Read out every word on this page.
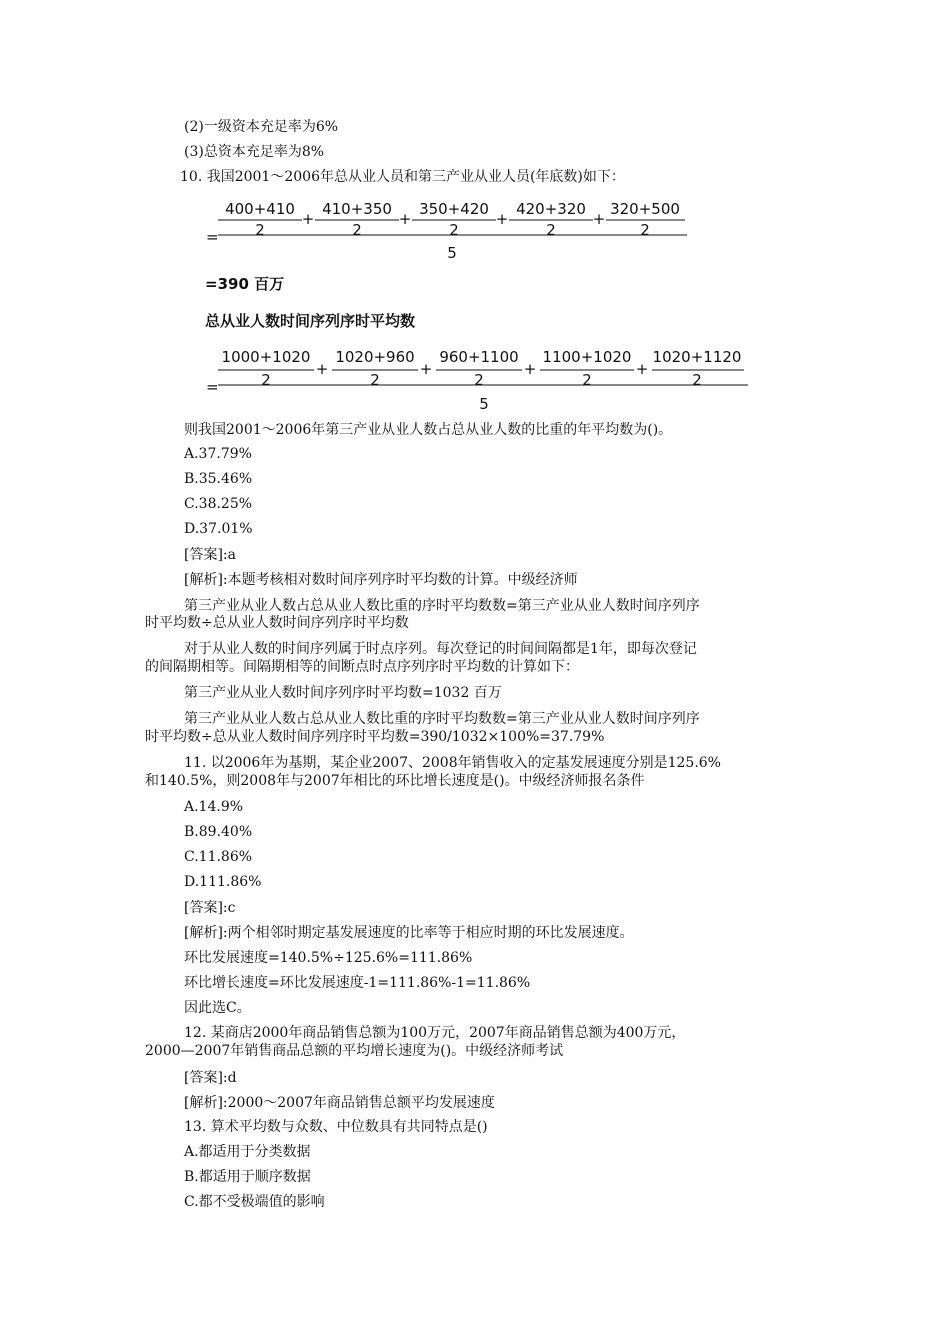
(2)一级资本充足率为6%
(3)总资本充足率为8%
10. 我国2001～2006年总从业人员和第三产业从业人员(年底数)如下：
=
400+410
2
+
410+350
2
+
350+420
2
+
420+320
2
+
320+500
2
5
=390 百万
总从业人数时间序列序时平均数
=
1000+1020
2
+
1020+960
2
+
960+1100
2
+
1100+1020
2
+
1020+1120
2
5
则我国2001～2006年第三产业从业人数占总从业人数的比重的年平均数为()。
A.37.79%
B.35.46%
C.38.25%
D.37.01%
[答案]:a
[解析]:本题考核相对数时间序列序时平均数的计算。中级经济师
第三产业从业人数占总从业人数比重的序时平均数数=第三产业从业人数时间序列序
时平均数÷总从业人数时间序列序时平均数
对于从业人数的时间序列属于时点序列。每次登记的时间间隔都是1年，即每次登记
的间隔期相等。间隔期相等的间断点时点序列序时平均数的计算如下：
第三产业从业人数时间序列序时平均数=1032 百万
第三产业从业人数占总从业人数比重的序时平均数数=第三产业从业人数时间序列序
时平均数÷总从业人数时间序列序时平均数=390/1032×100%=37.79%
11. 以2006年为基期，某企业2007、2008年销售收入的定基发展速度分别是125.6%
和140.5%，则2008年与2007年相比的环比增长速度是()。中级经济师报名条件
A.14.9%
B.89.40%
C.11.86%
D.111.86%
[答案]:c
[解析]:两个相邻时期定基发展速度的比率等于相应时期的环比发展速度。
环比发展速度=140.5%÷125.6%=111.86%
环比增长速度=环比发展速度-1=111.86%-1=11.86%
因此选C。
12. 某商店2000年商品销售总额为100万元，2007年商品销售总额为400万元，
2000—2007年销售商品总额的平均增长速度为()。中级经济师考试
[答案]:d
[解析]:2000～2007年商品销售总额平均发展速度
13. 算术平均数与众数、中位数具有共同特点是()
A.都适用于分类数据
B.都适用于顺序数据
C.都不受极端值的影响
